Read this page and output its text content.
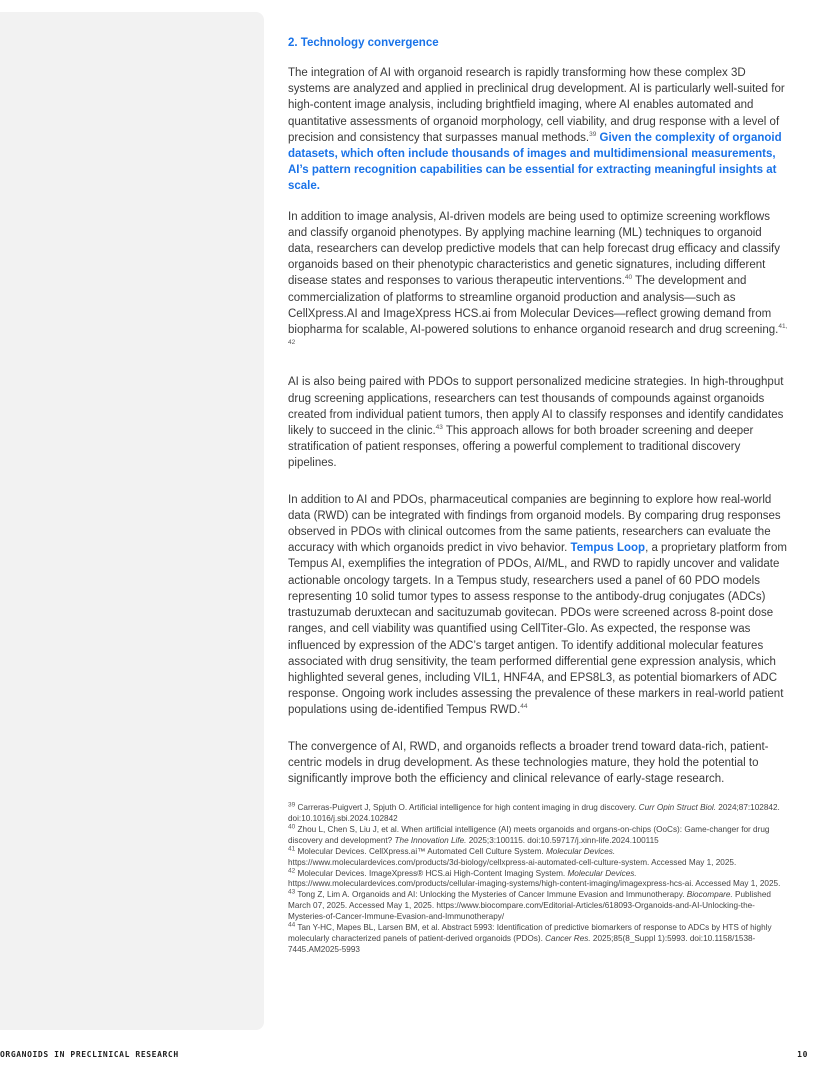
2. Technology convergence

The integration of AI with organoid research is rapidly transforming how these complex 3D systems are analyzed and applied in preclinical drug development. AI is particularly well-suited for high-content image analysis, including brightfield imaging, where AI enables automated and quantitative assessments of organoid morphology, cell viability, and drug response with a level of precision and consistency that surpasses manual methods.$^{39}$ Given the complexity of organoid datasets, which often include thousands of images and multidimensional measurements, AI’s pattern recognition capabilities can be essential for extracting meaningful insights at scale.

In addition to image analysis, AI-driven models are being used to optimize screening workflows and classify organoid phenotypes. By applying machine learning (ML) techniques to organoid data, researchers can develop predictive models that can help forecast drug efficacy and classify organoids based on their phenotypic characteristics and genetic signatures, including different disease states and responses to various therapeutic interventions.$^{40}$ The development and commercialization of platforms to streamline organoid production and analysis—such as CellXpress.AI and ImageXpress HCS.ai from Molecular Devices—reflect growing demand from biopharma for scalable, AI-powered solutions to enhance organoid research and drug screening.$^{41, 42}$

AI is also being paired with PDOs to support personalized medicine strategies. In high-throughput drug screening applications, researchers can test thousands of compounds against organoids created from individual patient tumors, then apply AI to classify responses and identify candidates likely to succeed in the clinic.$^{43}$ This approach allows for both broader screening and deeper stratification of patient responses, offering a powerful complement to traditional discovery pipelines.

In addition to AI and PDOs, pharmaceutical companies are beginning to explore how real-world data (RWD) can be integrated with findings from organoid models. By comparing drug responses observed in PDOs with clinical outcomes from the same patients, researchers can evaluate the accuracy with which organoids predict in vivo behavior. Tempus Loop, a proprietary platform from Tempus AI, exemplifies the integration of PDOs, AI/ML, and RWD to rapidly uncover and validate actionable oncology targets. In a Tempus study, researchers used a panel of 60 PDO models representing 10 solid tumor types to assess response to the antibody-drug conjugates (ADCs) trastuzumab deruxtecan and sacituzumab govitecan. PDOs were screened across 8-point dose ranges, and cell viability was quantified using CellTiter-Glo. As expected, the response was influenced by expression of the ADC’s target antigen. To identify additional molecular features associated with drug sensitivity, the team performed differential gene expression analysis, which highlighted several genes, including VIL1, HNF4A, and EPS8L3, as potential biomarkers of ADC response. Ongoing work includes assessing the prevalence of these markers in real-world patient populations using de-identified Tempus RWD.$^{44}$

The convergence of AI, RWD, and organoids reflects a broader trend toward data-rich, patient-centric models in drug development. As these technologies mature, they hold the potential to significantly improve both the efficiency and clinical relevance of early-stage research.

$^{39}$ Carreras-Puigvert J, Spjuth O. Artificial intelligence for high content imaging in drug discovery. Curr Opin Struct Biol. 2024;87:102842. doi:10.1016/j.sbi.2024.102842

$^{40}$ Zhou L, Chen S, Liu J, et al. When artificial intelligence (AI) meets organoids and organs-on-chips (OoCs): Game-changer for drug discovery and development? The Innovation Life. 2025;3:100115. doi:10.59717/j.xinn-life.2024.100115

$^{41}$ Molecular Devices. CellXpress.ai™ Automated Cell Culture System. Molecular Devices. https://www.moleculardevices.com/products/3d-biology/cellxpress-ai-automated-cell-culture-system. Accessed May 1, 2025.

$^{42}$ Molecular Devices. ImageXpress® HCS.ai High-Content Imaging System. Molecular Devices. https://www.moleculardevices.com/products/cellular-imaging-systems/high-content-imaging/imagexpress-hcs-ai. Accessed May 1, 2025.

$^{43}$ Tong Z, Lim A. Organoids and AI: Unlocking the Mysteries of Cancer Immune Evasion and Immunotherapy. Biocompare. Published March 07, 2025. Accessed May 1, 2025. https://www.biocompare.com/Editorial-Articles/618093-Organoids-and-AI-Unlocking-the-Mysteries-of-Cancer-Immune-Evasion-and-Immunotherapy/

$^{44}$ Tan Y-HC, Mapes BL, Larsen BM, et al. Abstract 5993: Identification of predictive biomarkers of response to ADCs by HTS of highly molecularly characterized panels of patient-derived organoids (PDOs). Cancer Res. 2025;85(8_Suppl 1):5993. doi:10.1158/1538-7445.AM2025-5993

ORGANOIDS IN PRECLINICAL RESEARCH	10
